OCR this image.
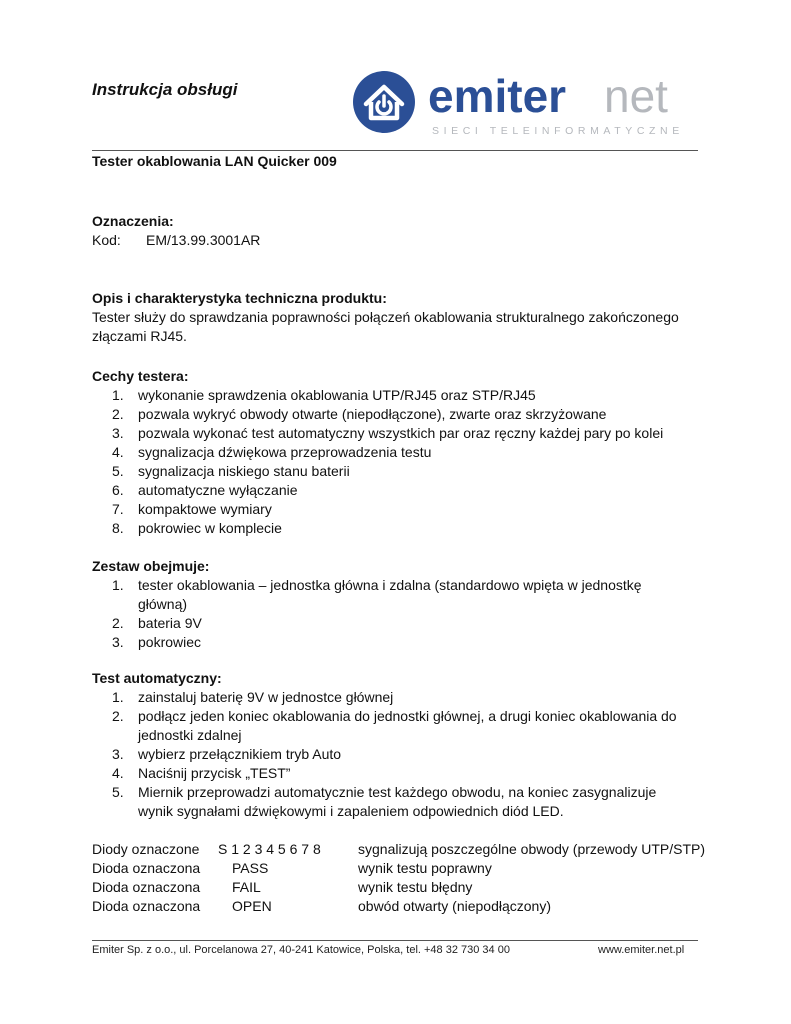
Instrukcja obsługi	emiter net
SIECI TELEINFORMATYCZNE
Tester okablowania LAN Quicker 009
Oznaczenia:
Kod: EM/13.99.3001AR
Opis i charakterystyka techniczna produktu:
Tester służy do sprawdzania poprawności połączeń okablowania strukturalnego zakończonego
złączami RJ45.
Cechy testera:
1. wykonanie sprawdzenia okablowania UTP/RJ45 oraz STP/RJ45
2. pozwala wykryć obwody otwarte (niepodłączone), zwarte oraz skrzyżowane
3. pozwala wykonać test automatyczny wszystkich par oraz ręczny każdej pary po kolei
4. sygnalizacja dźwiękowa przeprowadzenia testu
5. sygnalizacja niskiego stanu baterii
6. automatyczne wyłączanie
7. kompaktowe wymiary
8. pokrowiec w komplecie
Zestaw obejmuje:
1. tester okablowania – jednostka główna i zdalna (standardowo wpięta w jednostkę
główną)
2. bateria 9V
3. pokrowiec
Test automatyczny:
1. zainstaluj baterię 9V w jednostce głównej
2. podłącz jeden koniec okablowania do jednostki głównej, a drugi koniec okablowania do
jednostki zdalnej
3. wybierz przełącznikiem tryb Auto
4. Naciśnij przycisk „TEST”
5. Miernik przeprowadzi automatycznie test każdego obwodu, na koniec zasygnalizuje
wynik sygnałami dźwiękowymi i zapaleniem odpowiednich diód LED.
Diody oznaczone S 1 2 3 4 5 6 7 8	sygnalizują poszczególne obwody (przewody UTP/STP)
Dioda oznaczona PASS	wynik testu poprawny
Dioda oznaczona FAIL	wynik testu błędny
Dioda oznaczona OPEN	obwód otwarty (niepodłączony)
Emiter Sp. z o.o., ul. Porcelanowa 27, 40-241 Katowice, Polska, tel. +48 32 730 34 00	www.emiter.net.pl
